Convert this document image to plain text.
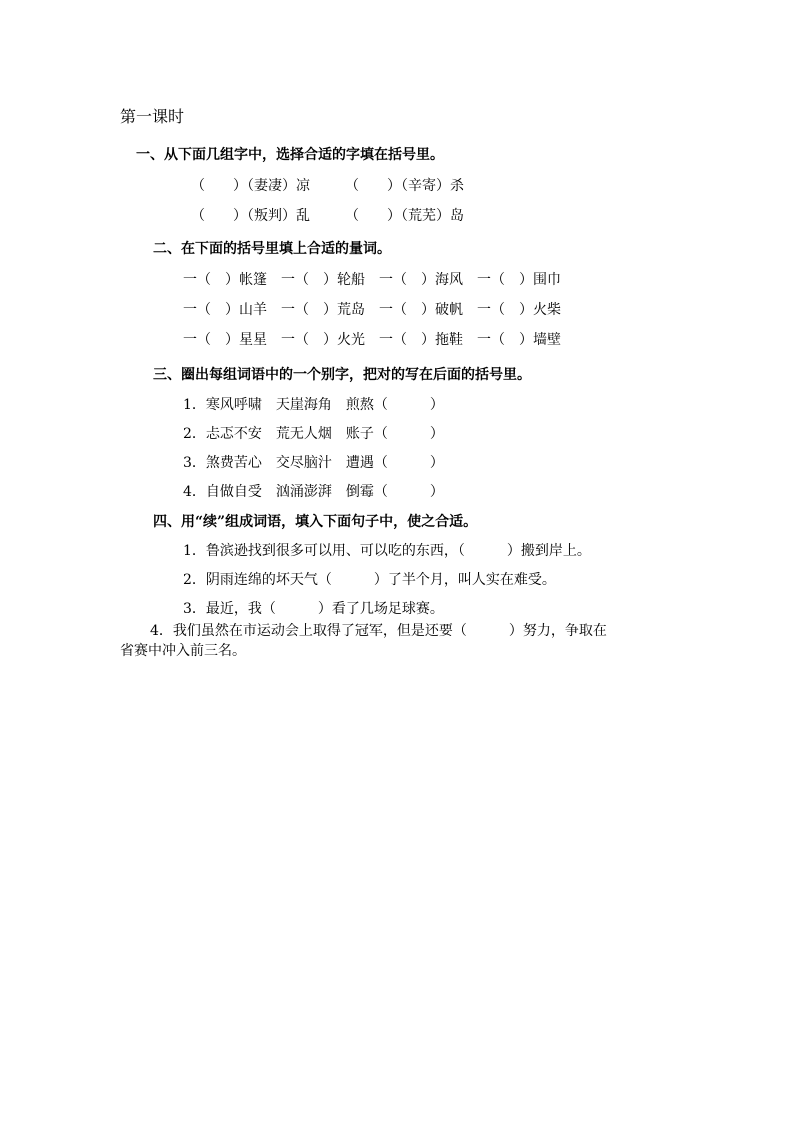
第一课时
一、从下面几组字中，选择合适的字填在括号里。
（　　）（妻凄）凉　　　（　　）（辛寄）杀
（　　）（叛判）乱　　　（　　）（荒芜）岛
二、在下面的括号里填上合适的量词。
一（　）帐篷　一（　）轮船　一（　）海风　一（　）围巾
一（　）山羊　一（　）荒岛　一（　）破帆　一（　）火柴
一（　）星星　一（　）火光　一（　）拖鞋　一（　）墙壁
三、圈出每组词语中的一个别字，把对的写在后面的括号里。
1．寒风呼啸　天崖海角　煎熬（　　　）
2．忐忑不安　荒无人烟　账子（　　　）
3．煞费苦心　交尽脑汁　遭遇（　　　）
4．自做自受　汹涌澎湃　倒霉（　　　）
四、用“续”组成词语，填入下面句子中，使之合适。
1．鲁滨逊找到很多可以用、可以吃的东西，（　　　）搬到岸上。
2．阴雨连绵的坏天气（　　　）了半个月，叫人实在难受。
3．最近，我（　　　）看了几场足球赛。
4．我们虽然在市运动会上取得了冠军，但是还要（　　　）努力，争取在
省赛中冲入前三名。
